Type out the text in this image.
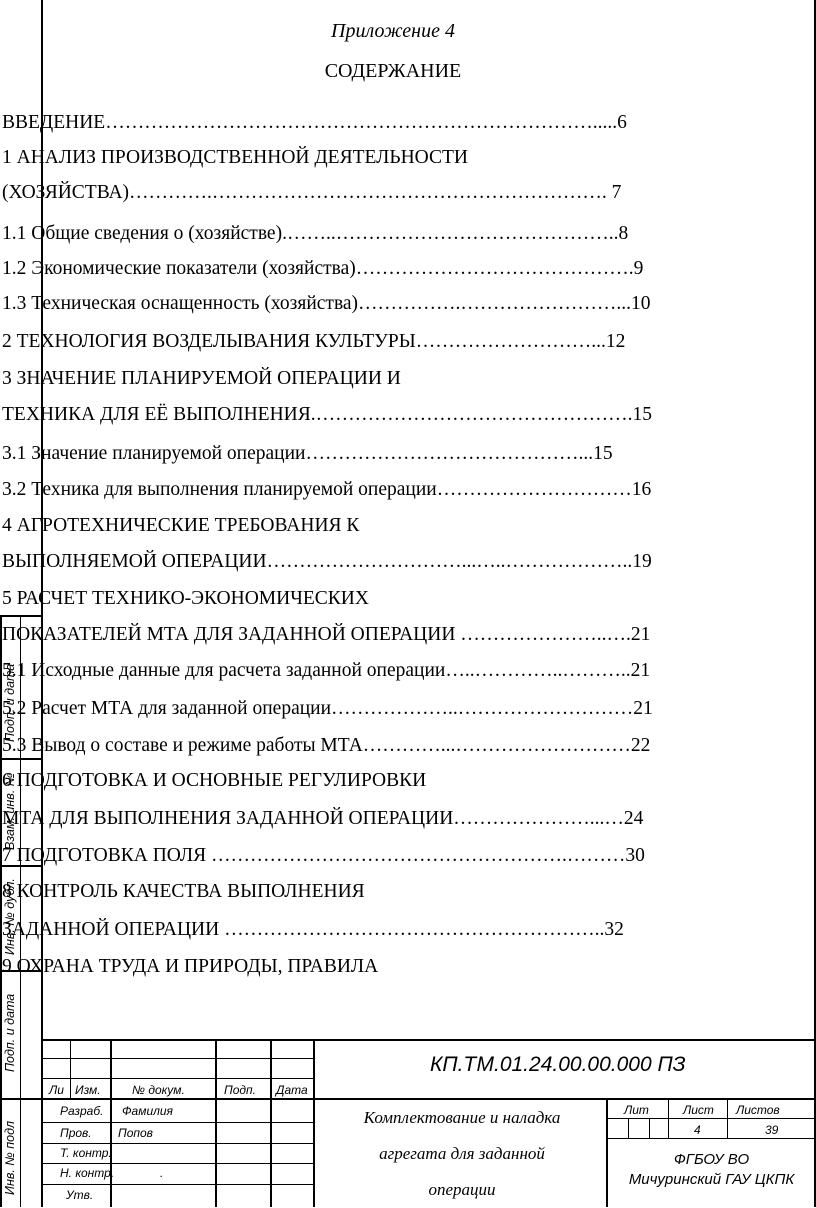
Подп. и дата
Взам. инв. №
Инв. № дубл.
Подп. и дата
Инв. № подл
Приложение 4
СОДЕРЖАНИЕ
ВВЕДЕНИЕ………………………………………………………………….....6
1 АНАЛИЗ ПРОИЗВОДСТВЕННОЙ ДЕЯТЕЛЬНОСТИ
(ХОЗЯЙСТВА)………….……………………………………………………. 7
1.1 Общие сведения о (хозяйстве).……..……………………………………..8
1.2 Экономические показатели (хозяйства)…………………………………….9
1.3 Техническая оснащенность (хозяйства)…………….……………………...10
2 ТЕХНОЛОГИЯ ВОЗДЕЛЫВАНИЯ КУЛЬТУРЫ………………………...12
3 ЗНАЧЕНИЕ ПЛАНИРУЕМОЙ ОПЕРАЦИИ И
ТЕХНИКА ДЛЯ ЕЁ ВЫПОЛНЕНИЯ.………………………………………….15
3.1 Значение планируемой операции……………………………………...15
3.2 Техника для выполнения планируемой операции…………………………16
4 АГРОТЕХНИЧЕСКИЕ ТРЕБОВАНИЯ К
ВЫПОЛНЯЕМОЙ ОПЕРАЦИИ…………………………...…..………………..19
5 РАСЧЕТ ТЕХНИКО-ЭКОНОМИЧЕСКИХ
ПОКАЗАТЕЛЕЙ МТА ДЛЯ ЗАДАННОЙ ОПЕРАЦИИ …………………..….21
5.1 Исходные данные для расчета заданной операции…..…………..………..21
5.2 Расчет МТА для заданной операции………………..………………………21
5.3 Вывод о составе и режиме работы МТА…………...………………………22
6 ПОДГОТОВКА И ОСНОВНЫЕ РЕГУЛИРОВКИ
МТА ДЛЯ ВЫПОЛНЕНИЯ ЗАДАННОЙ ОПЕРАЦИИ…………………...…24
7 ПОДГОТОВКА ПОЛЯ ……………………………………………….………30
8 КОНТРОЛЬ КАЧЕСТВА ВЫПОЛНЕНИЯ
ЗАДАННОЙ ОПЕРАЦИИ …………………………………………………..32
9 ОХРАНА ТРУДА И ПРИРОДЫ, ПРАВИЛА
КП.ТМ.01.24.00.00.000 ПЗ
Ли Изм.	№ докум.	Подп. Дата
Разраб. Фамилия
Пров. Попов
Т. контр.
Н. контр.	.
Утв.
Комплектование и наладка
агрегата для заданной
операции
Лит	Лист Листов
4	39
ФГБОУ ВО
Мичуринский ГАУ ЦКПК
